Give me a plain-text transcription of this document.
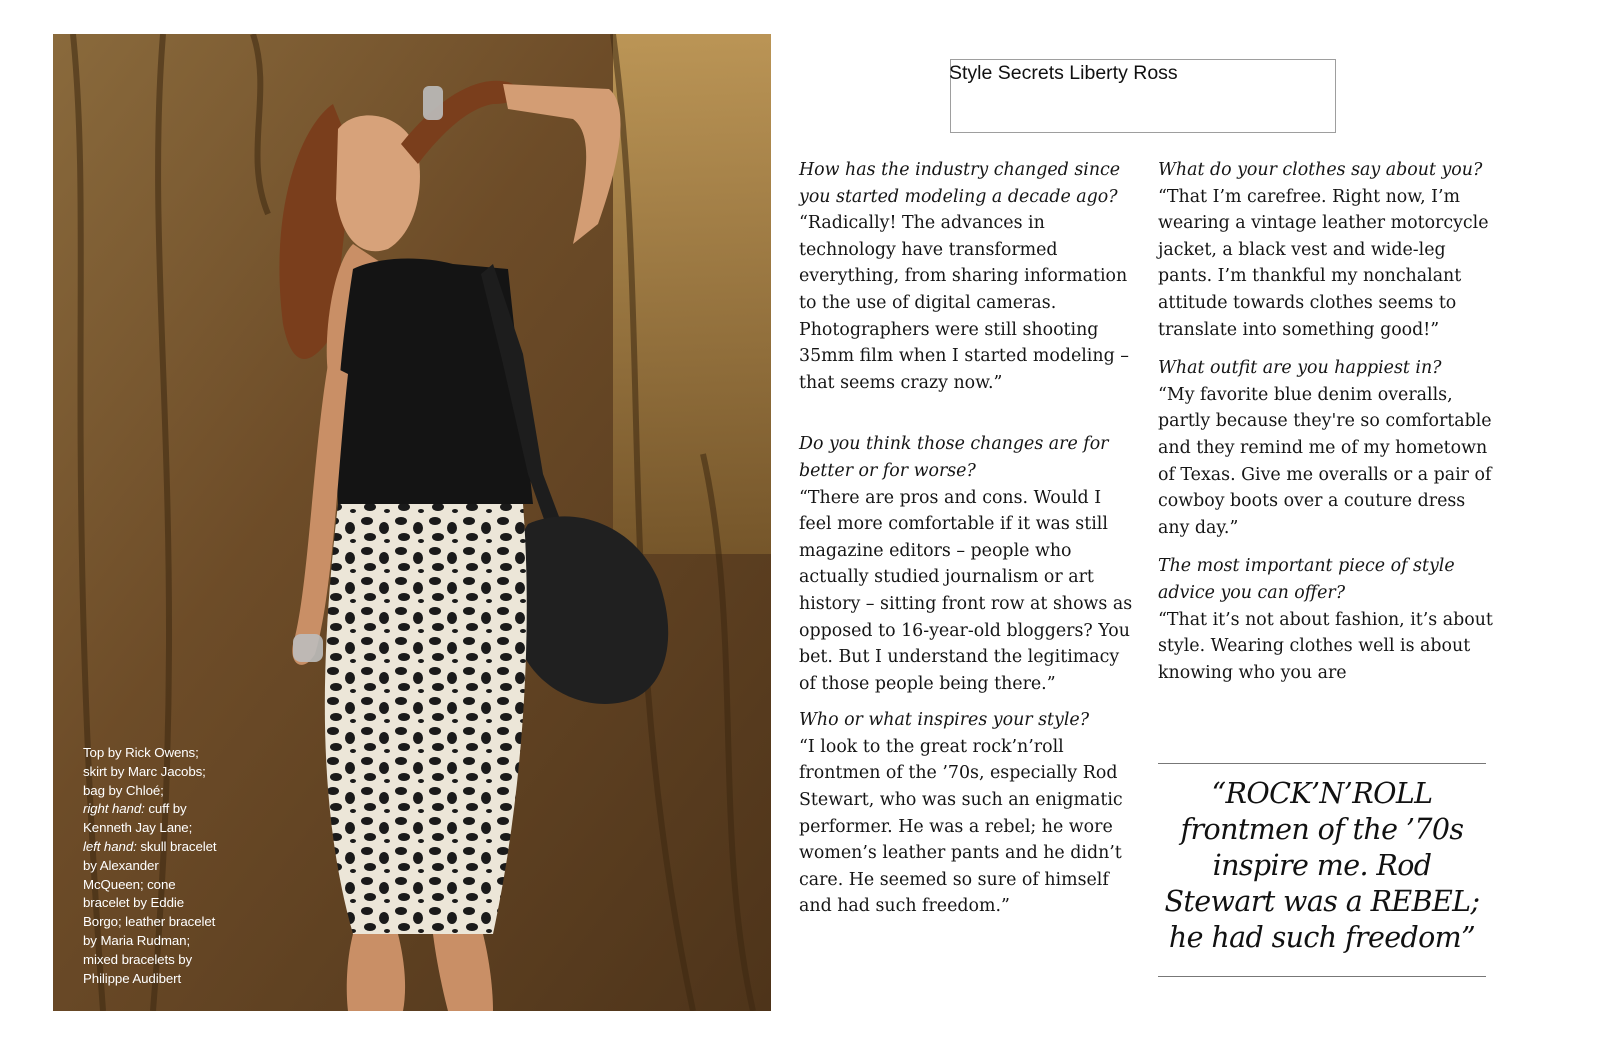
Top by Rick Owens;
skirt by Marc Jacobs;
bag by Chloé;
right hand: cuff by
Kenneth Jay Lane;
left hand: skull bracelet
by Alexander
McQueen; cone
bracelet by Eddie
Borgo; leather bracelet
by Maria Rudman;
mixed bracelets by
Philippe Audibert
Style Secrets Liberty Ross

How has the industry changed since you started modeling a decade ago?

“Radically! The advances in technology have transformed everything, from sharing information to the use of digital cameras. Photographers were still shooting 35mm film when I started modeling – that seems crazy now.”

Do you think those changes are for better or for worse?

“There are pros and cons. Would I feel more comfortable if it was still magazine editors – people who actually studied journalism or art history – sitting front row at shows as opposed to 16-year-old bloggers? You bet. But I understand the legitimacy of those people being there.”

Who or what inspires your style?

“I look to the great rock’n’roll frontmen of the ’70s, especially Rod Stewart, who was such an enigmatic performer. He was a rebel; he wore women’s leather pants and he didn’t care. He seemed so sure of himself and had such freedom.”

What do your clothes say about you?

“That I’m carefree. Right now, I’m wearing a vintage leather motorcycle jacket, a black vest and wide-leg pants. I’m thankful my nonchalant attitude towards clothes seems to translate into something good!”

What outfit are you happiest in?

“My favorite blue denim overalls, partly because they're so comfortable and they remind me of my hometown of Texas. Give me overalls or a pair of cowboy boots over a couture dress any day.”

The most important piece of style advice you can offer?

“That it’s not about fashion, it’s about style. Wearing clothes well is about knowing who you are

“ROCK’N’ROLL frontmen of the ’70s inspire me. Rod Stewart was a REBEL; he had such freedom”
